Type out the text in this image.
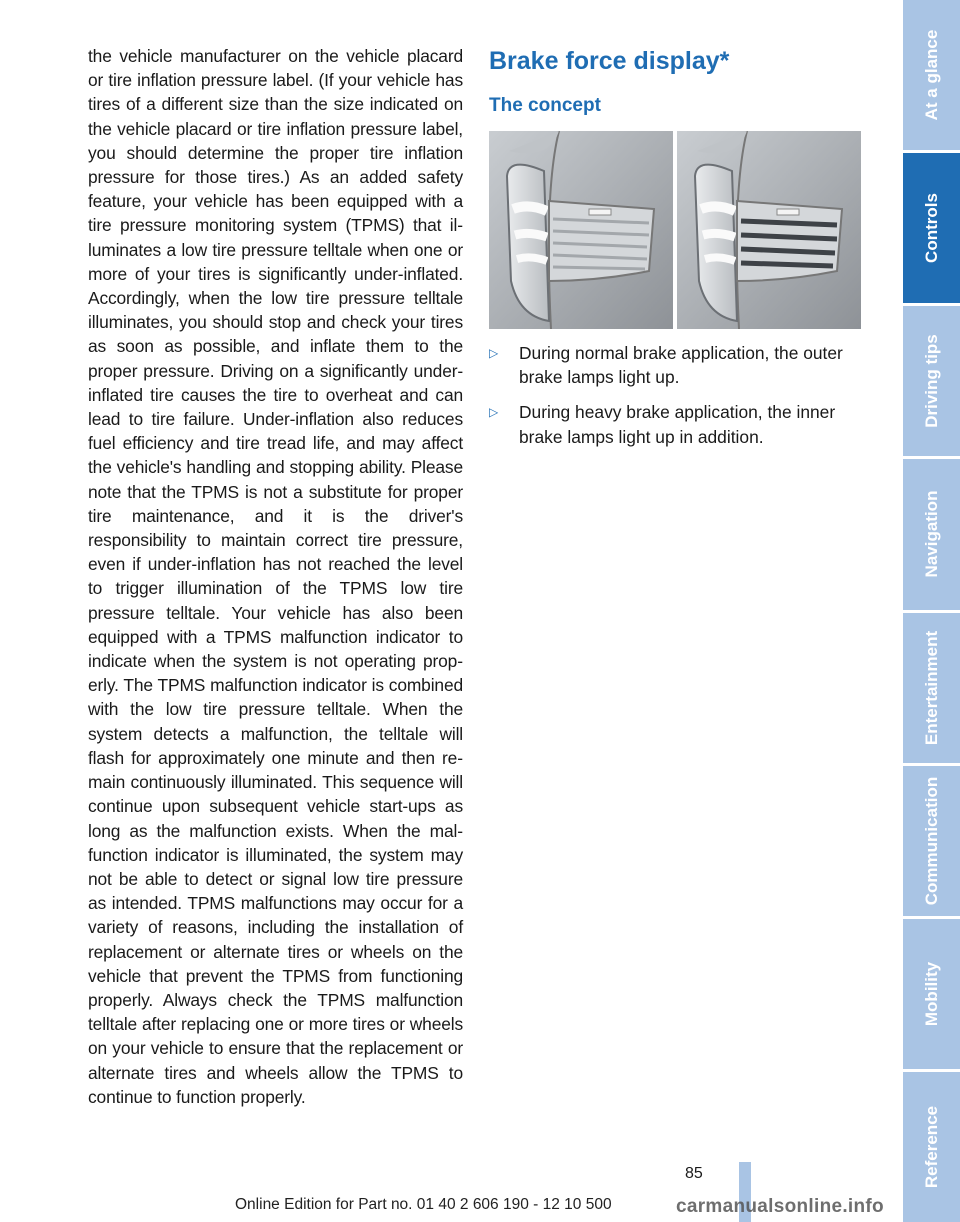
the vehicle manufacturer on the vehicle placard or tire inflation pressure label. (If your vehicle has tires of a different size than the size indicated on the vehicle placard or tire inflation pressure label, you should determine the proper tire inflation pressure for those tires.) As an added safety feature, your vehicle has been equipped with a tire pressure monitoring system (TPMS) that illuminates a low tire pressure telltale when one or more of your tires is significantly under-inflated. Accordingly, when the low tire pressure telltale illuminates, you should stop and check your tires as soon as possible, and inflate them to the proper pressure. Driving on a significantly under-inflated tire causes the tire to overheat and can lead to tire failure. Under-inflation also reduces fuel efficiency and tire tread life, and may affect the vehicle's handling and stopping ability. Please note that the TPMS is not a substitute for proper tire maintenance, and it is the driver's responsibility to maintain correct tire pressure, even if under-inflation has not reached the level to trigger illumination of the TPMS low tire pressure telltale. Your vehicle has also been equipped with a TPMS malfunction indicator to indicate when the system is not operating properly. The TPMS malfunction indicator is combined with the low tire pressure telltale. When the system detects a malfunction, the telltale will flash for approximately one minute and then remain continuously illuminated. This sequence will continue upon subsequent vehicle start-ups as long as the malfunction exists. When the malfunction indicator is illuminated, the system may not be able to detect or signal low tire pressure as intended. TPMS malfunctions may occur for a variety of reasons, including the installation of replacement or alternate tires or wheels on the vehicle that prevent the TPMS from functioning properly. Always check the TPMS malfunction telltale after replacing one or more tires or wheels on your vehicle to ensure that the replacement or alternate tires and wheels allow the TPMS to continue to function properly.
Brake force display*
The concept
▷ During normal brake application, the outer brake lamps light up.
▷ During heavy brake application, the inner brake lamps light up in addition.
At a glance
Controls
Driving tips
Navigation
Entertainment
Communication
Mobility
Reference
85
Online Edition for Part no. 01 40 2 606 190 - 12 10 500	carmanualsonline.info
